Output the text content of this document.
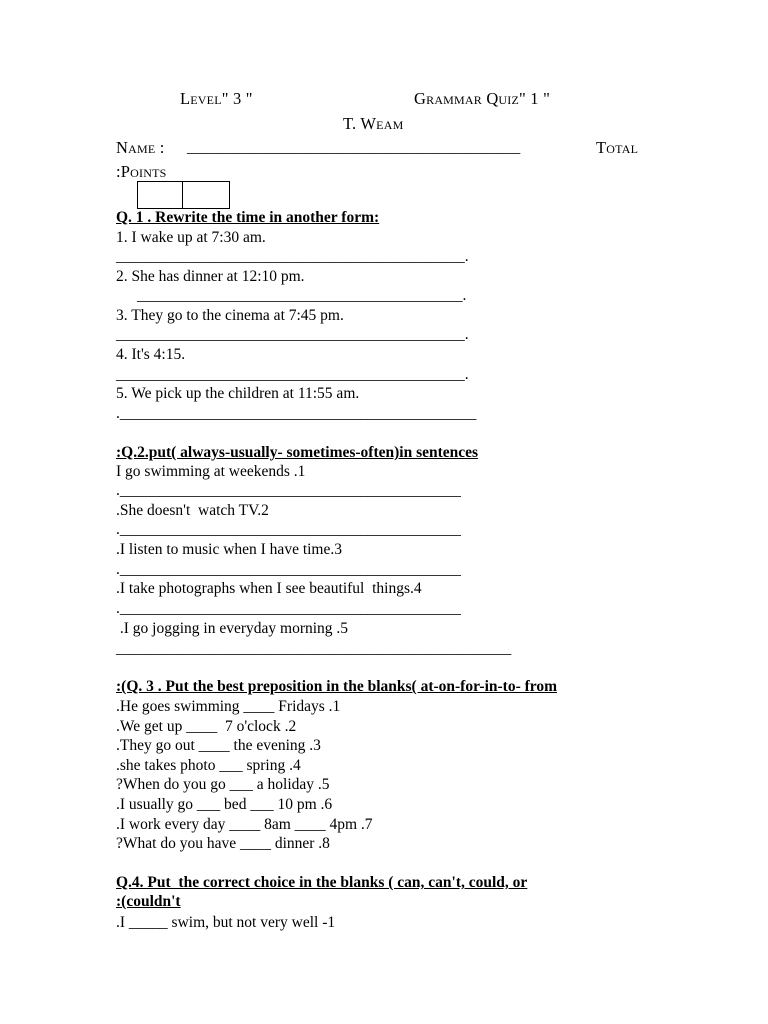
Level" 3 "	Grammar Quiz" 1 "
T. Weam
Name : ___________________________________________	Total
:Points
Q. 1 . Rewrite the time in another form:
1. I wake up at 7:30 am.
_____________________________________________.
2. She has dinner at 12:10 pm.
__________________________________________.
3. They go to the cinema at 7:45 pm.
_____________________________________________.
4. It's 4:15.
_____________________________________________.
5. We pick up the children at 11:55 am.
.______________________________________________
:Q.2.put( always-usually- sometimes-often)in sentences
I go swimming at weekends .1
.____________________________________________
.She doesn't  watch TV.2
.____________________________________________
.I listen to music when I have time.3
.____________________________________________
.I take photographs when I see beautiful  things.4
.____________________________________________
.I go jogging in everyday morning .5
___________________________________________________
:(Q. 3 . Put the best preposition in the blanks( at-on-for-in-to- from
.He goes swimming ____ Fridays .1
.We get up ____  7 o'clock .2
.They go out ____ the evening .3
.she takes photo ___ spring .4
?When do you go ___ a holiday .5
.I usually go ___ bed ___ 10 pm .6
.I work every day ____ 8am ____ 4pm .7
?What do you have ____ dinner .8
Q.4. Put  the correct choice in the blanks ( can, can't, could, or
:(couldn't
.I _____ swim, but not very well -1
